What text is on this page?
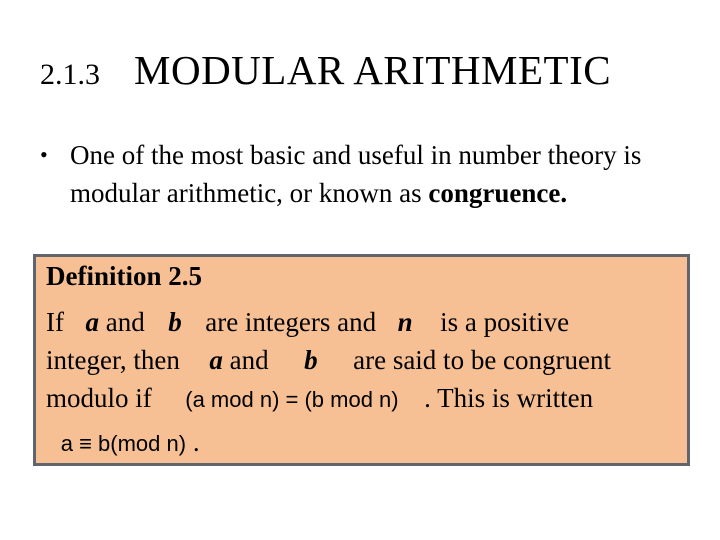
2.1.3 MODULAR ARITHMETIC
• One of the most basic and useful in number theory is modular arithmetic, or known as congruence.
Definition 2.5
If a and b are integers and n is a positive
integer, then a and b are said to be congruent
modulo if (a mod n) = (b mod n) . This is written
a ≡ b(mod n) .
